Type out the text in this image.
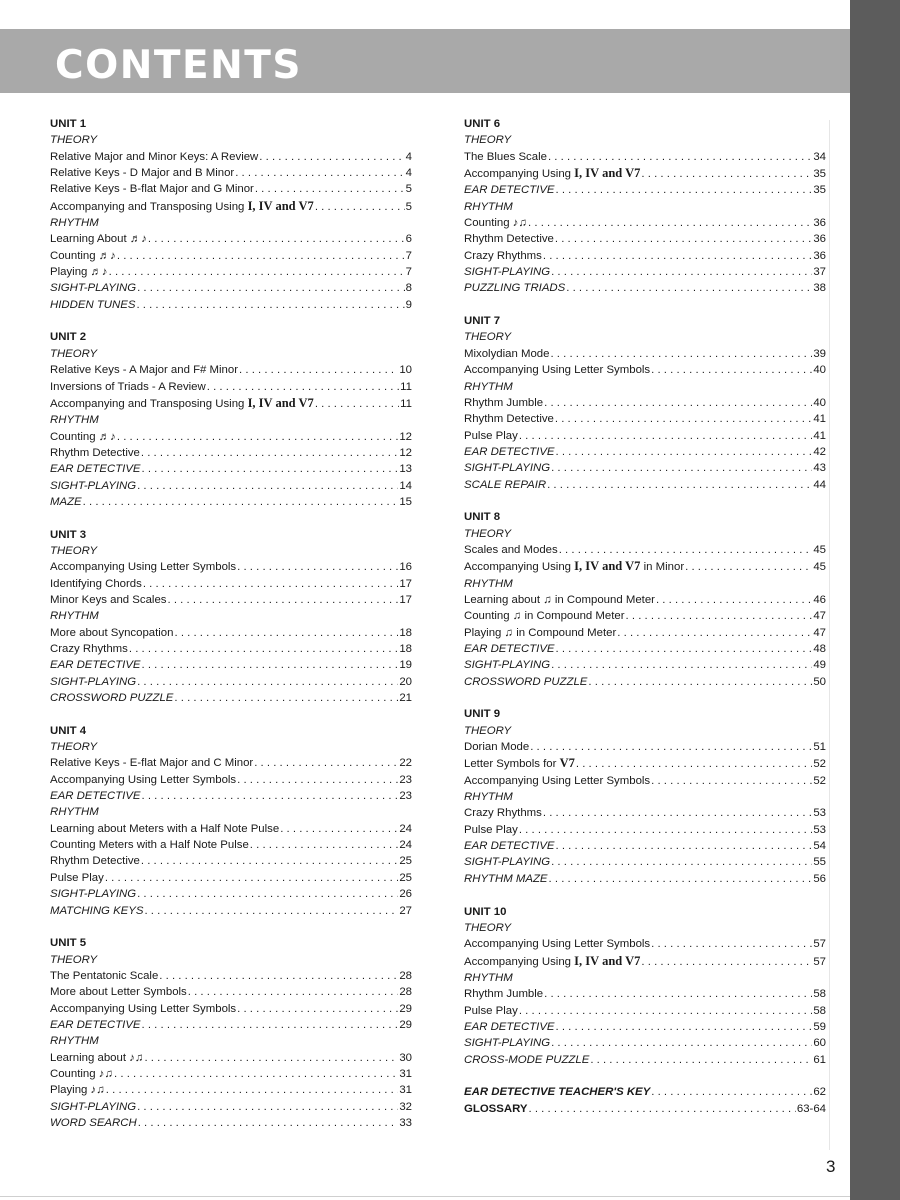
CONTENTS
UNIT 1
THEORY
Relative Major and Minor Keys: A Review . . .	4
Relative Keys - D Major and B Minor . . .	4
Relative Keys - B-flat Major and G Minor . . .	5
Accompanying and Transposing Using I, IV and V7 . . .	5
RHYTHM
Learning About ♬♪ . . .	6
Counting ♬♪ . . .	7
Playing ♬♪ . . .	7
SIGHT-PLAYING . . .	8
HIDDEN TUNES . . .	9
UNIT 2
THEORY
Relative Keys - A Major and F# Minor . . .	10
Inversions of Triads - A Review . . .	11
Accompanying and Transposing Using I, IV and V7 . . .	11
RHYTHM
Counting ♬♪ . . .	12
Rhythm Detective . . .	12
EAR DETECTIVE . . .	13
SIGHT-PLAYING . . .	14
MAZE . . .	15
UNIT 3
THEORY
Accompanying Using Letter Symbols . . .	16
Identifying Chords . . .	17
Minor Keys and Scales . . .	17
RHYTHM
More about Syncopation . . .	18
Crazy Rhythms . . .	18
EAR DETECTIVE . . .	19
SIGHT-PLAYING . . .	20
CROSSWORD PUZZLE . . .	21
UNIT 4
THEORY
Relative Keys - E-flat Major and C Minor . . .	22
Accompanying Using Letter Symbols . . .	23
EAR DETECTIVE . . .	23
RHYTHM
Learning about Meters with a Half Note Pulse . . .	24
Counting Meters with a Half Note Pulse . . .	24
Rhythm Detective . . .	25
Pulse Play . . .	25
SIGHT-PLAYING . . .	26
MATCHING KEYS . . .	27
UNIT 5
THEORY
The Pentatonic Scale . . .	28
More about Letter Symbols . . .	28
Accompanying Using Letter Symbols . . .	29
EAR DETECTIVE . . .	29
RHYTHM
Learning about ♪♫ . . .	30
Counting ♪♫ . . .	31
Playing ♪♫ . . .	31
SIGHT-PLAYING . . .	32
WORD SEARCH . . .	33
UNIT 6
THEORY
The Blues Scale . . .	34
Accompanying Using I, IV and V7 . . .	35
EAR DETECTIVE . . .	35
RHYTHM
Counting ♪♫ . . .	36
Rhythm Detective . . .	36
Crazy Rhythms . . .	36
SIGHT-PLAYING . . .	37
PUZZLING TRIADS . . .	38
UNIT 7
THEORY
Mixolydian Mode . . .	39
Accompanying Using Letter Symbols . . .	40
RHYTHM
Rhythm Jumble . . .	40
Rhythm Detective . . .	41
Pulse Play . . .	41
EAR DETECTIVE . . .	42
SIGHT-PLAYING . . .	43
SCALE REPAIR . . .	44
UNIT 8
THEORY
Scales and Modes . . .	45
Accompanying Using I, IV and V7 in Minor . . .	45
RHYTHM
Learning about ♫ in Compound Meter . . .	46
Counting ♫ in Compound Meter . . .	47
Playing ♫ in Compound Meter . . .	47
EAR DETECTIVE . . .	48
SIGHT-PLAYING . . .	49
CROSSWORD PUZZLE . . .	50
UNIT 9
THEORY
Dorian Mode . . .	51
Letter Symbols for V7 . . .	52
Accompanying Using Letter Symbols . . .	52
RHYTHM
Crazy Rhythms . . .	53
Pulse Play . . .	53
EAR DETECTIVE . . .	54
SIGHT-PLAYING . . .	55
RHYTHM MAZE . . .	56
UNIT 10
THEORY
Accompanying Using Letter Symbols . . .	57
Accompanying Using I, IV and V7 . . .	57
RHYTHM
Rhythm Jumble . . .	58
Pulse Play . . .	58
EAR DETECTIVE . . .	59
SIGHT-PLAYING . . .	60
CROSS-MODE PUZZLE . . .	61
EAR DETECTIVE TEACHER'S KEY . . .	62
GLOSSARY . . .	63-64
3
